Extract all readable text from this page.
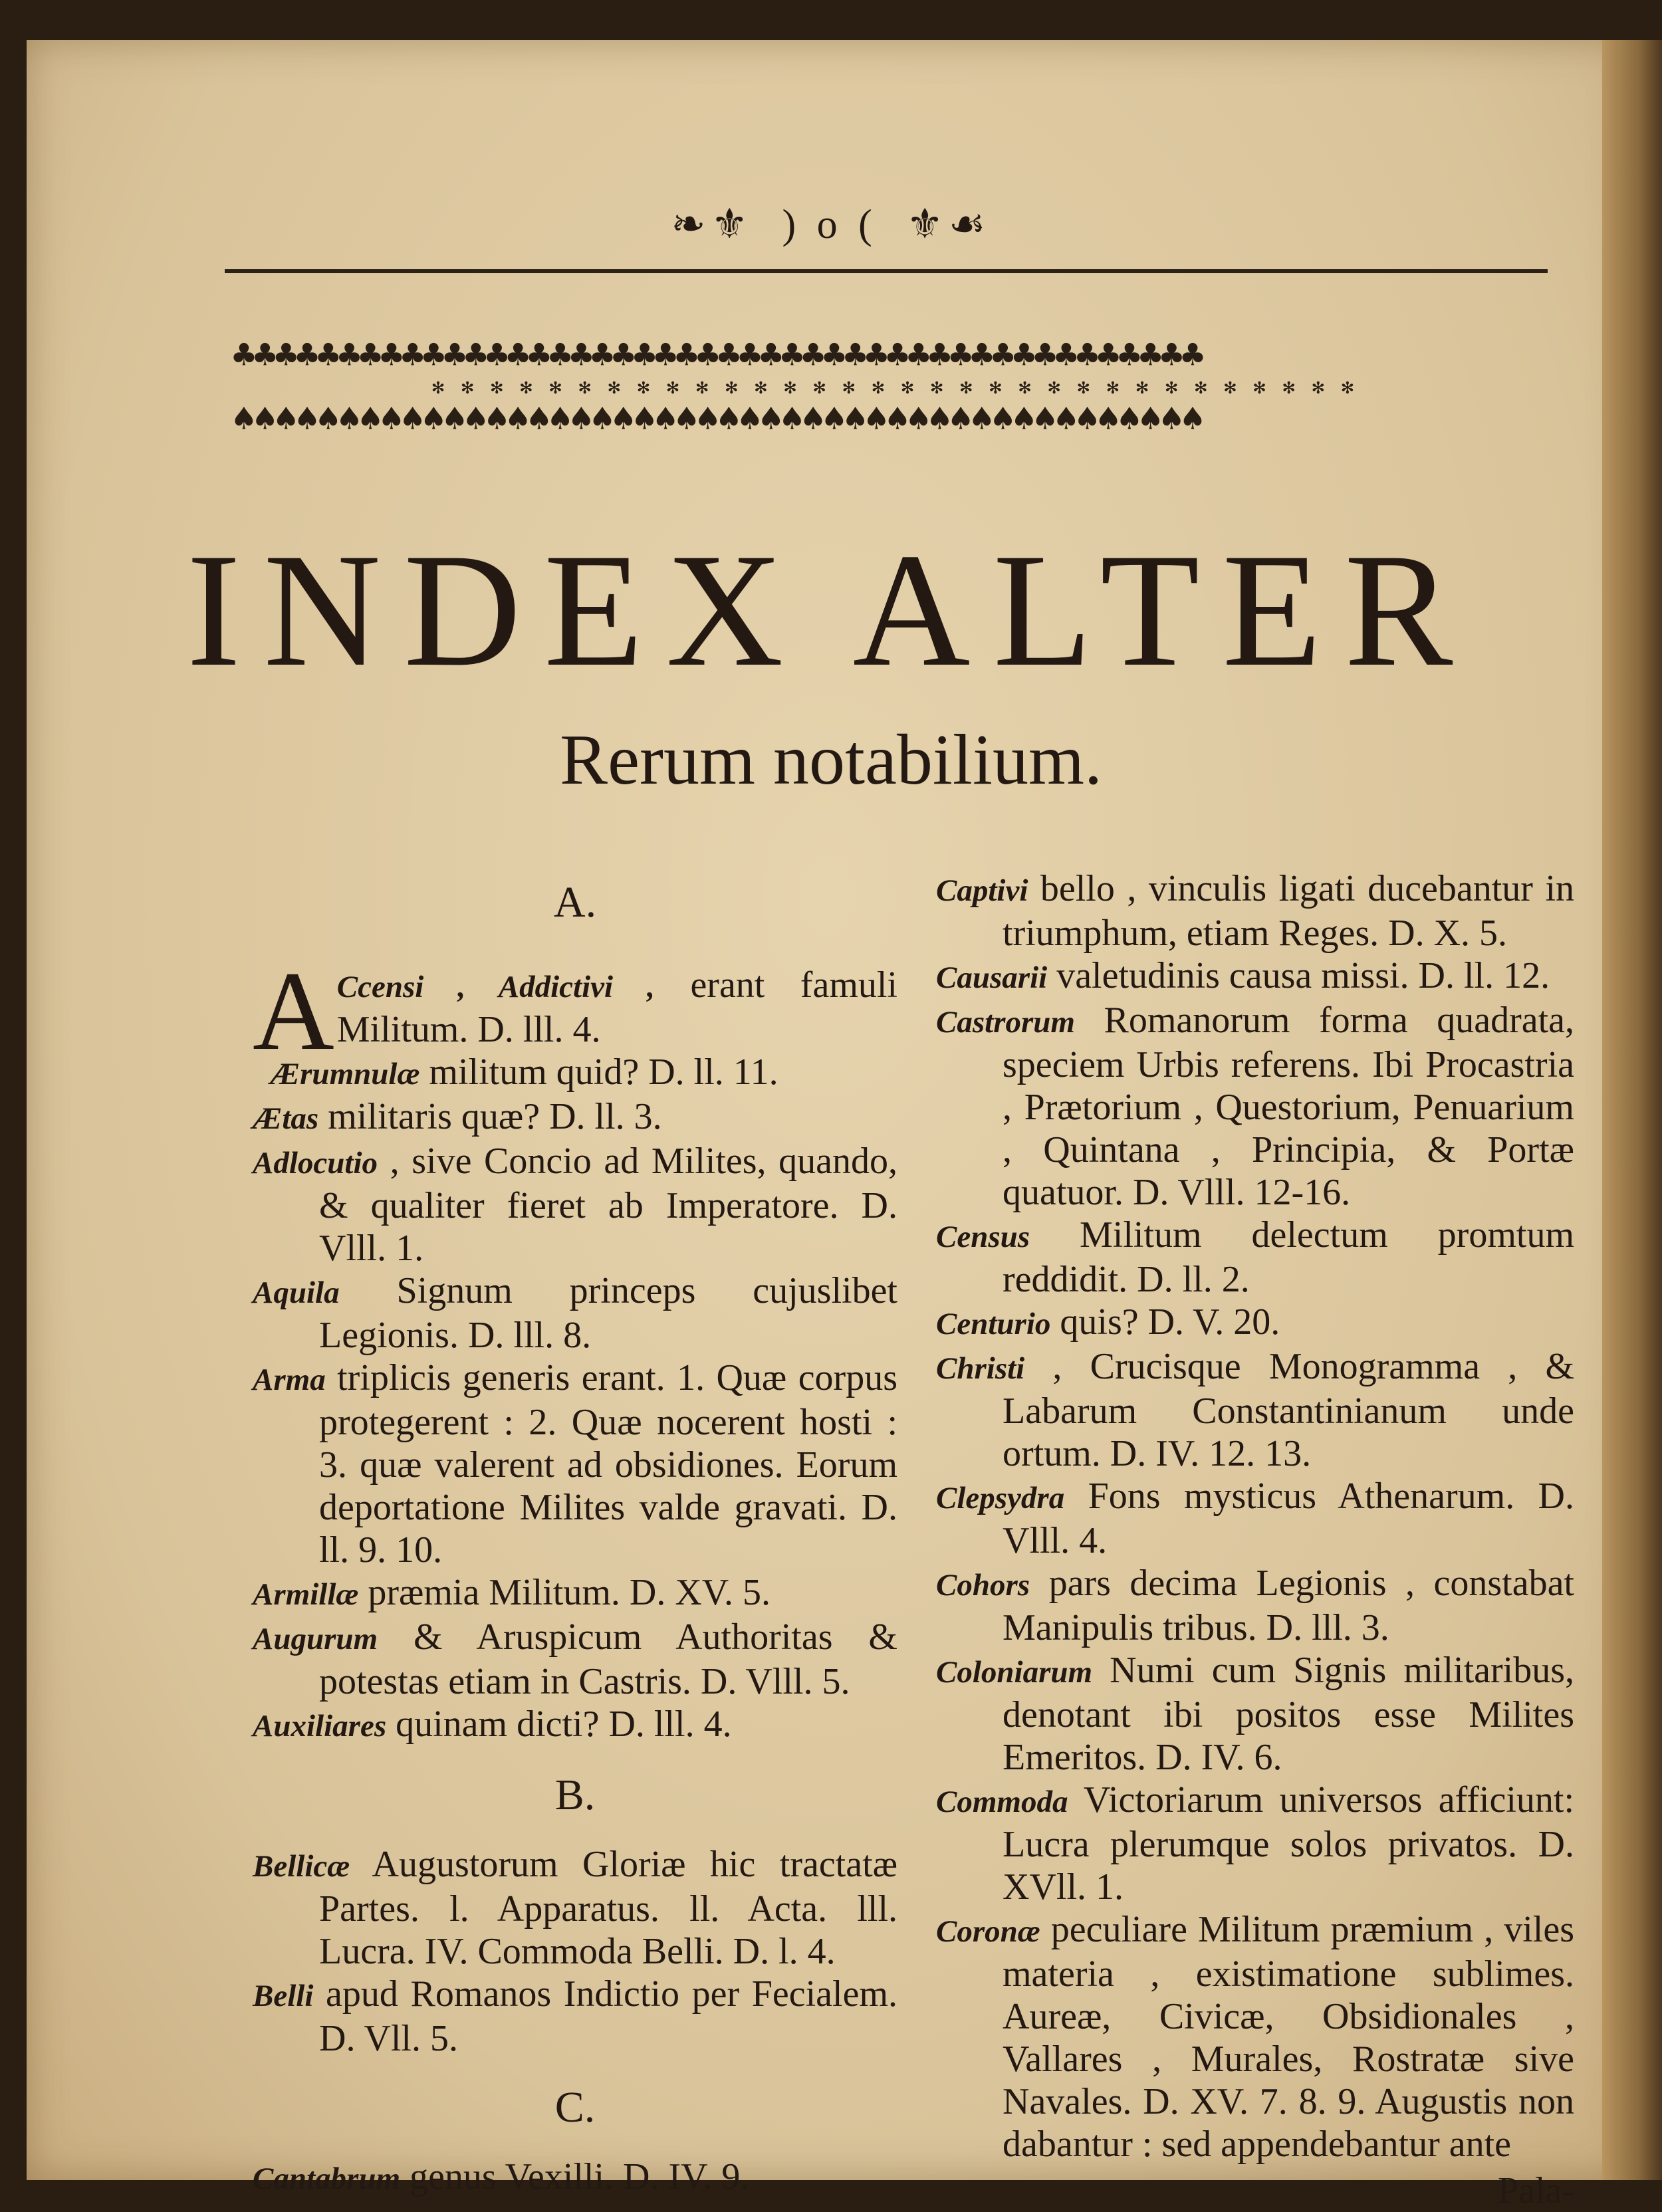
❧⚜ ) o ( ⚜☙
♣♣♣♣♣♣♣♣♣♣♣♣♣♣♣♣♣♣♣♣♣♣♣♣♣♣♣♣♣♣♣♣♣♣♣♣♣♣♣♣♣♣♣♣♣♣
✻ ✻ ✻ ✻ ✻ ✻ ✻ ✻ ✻ ✻ ✻ ✻ ✻ ✻ ✻ ✻ ✻ ✻ ✻ ✻ ✻ ✻ ✻ ✻ ✻ ✻ ✻ ✻ ✻ ✻ ✻ ✻
♠♠♠♠♠♠♠♠♠♠♠♠♠♠♠♠♠♠♠♠♠♠♠♠♠♠♠♠♠♠♠♠♠♠♠♠♠♠♠♠♠♠♠♠♠♠
INDEX ALTER
Rerum notabilium.
A.

A Ccensi , Addictivi , erant famuli Militum. D. lll. 4.

Ærumnulæ militum quid? D. ll. 11.

Ætas militaris quæ? D. ll. 3.

Adlocutio , sive Concio ad Milites, quando, & qualiter fieret ab Imperatore. D. Vlll. 1.

Aquila Signum princeps cujuslibet Legionis. D. lll. 8.

Arma triplicis generis erant. 1. Quæ corpus protegerent : 2. Quæ nocerent hosti : 3. quæ valerent ad obsidiones. Eorum deportatione Milites valde gravati. D. ll. 9. 10.

Armillæ præmia Militum. D. XV. 5.

Augurum & Aruspicum Authoritas & potestas etiam in Castris. D. Vlll. 5.

Auxiliares quinam dicti? D. lll. 4.

B.

Bellicæ Augustorum Gloriæ hic tractatæ Partes. l. Apparatus. ll. Acta. lll. Lucra. IV. Commoda Belli. D. l. 4.

Belli apud Romanos Indictio per Fecialem. D. Vll. 5.

C.

Cantabrum genus Vexilli. D. IV. 9.

Captivi bello , vinculis ligati ducebantur in triumphum, etiam Reges. D. X. 5.

Causarii valetudinis causa missi. D. ll. 12.

Castrorum Romanorum forma quadrata, speciem Urbis referens. Ibi Procastria , Prætorium , Questorium, Penuarium , Quintana , Principia, & Portæ quatuor. D. Vlll. 12-16.

Census Militum delectum promtum reddidit. D. ll. 2.

Centurio quis? D. V. 20.

Christi , Crucisque Monogramma , & Labarum Constantinianum unde ortum. D. IV. 12. 13.

Clepsydra Fons mysticus Athenarum. D. Vlll. 4.

Cohors pars decima Legionis , constabat Manipulis tribus. D. lll. 3.

Coloniarum Numi cum Signis militaribus, denotant ibi positos esse Milites Emeritos. D. IV. 6.

Commoda Victoriarum universos afficiunt: Lucra plerumque solos privatos. D. XVll. 1.

Coronæ peculiare Militum præmium , viles materia , existimatione sublimes. Aureæ, Civicæ, Obsidionales , Vallares , Murales, Rostratæ sive Navales. D. XV. 7. 8. 9. Augustis non dabantur : sed appendebantur ante

Pala-
